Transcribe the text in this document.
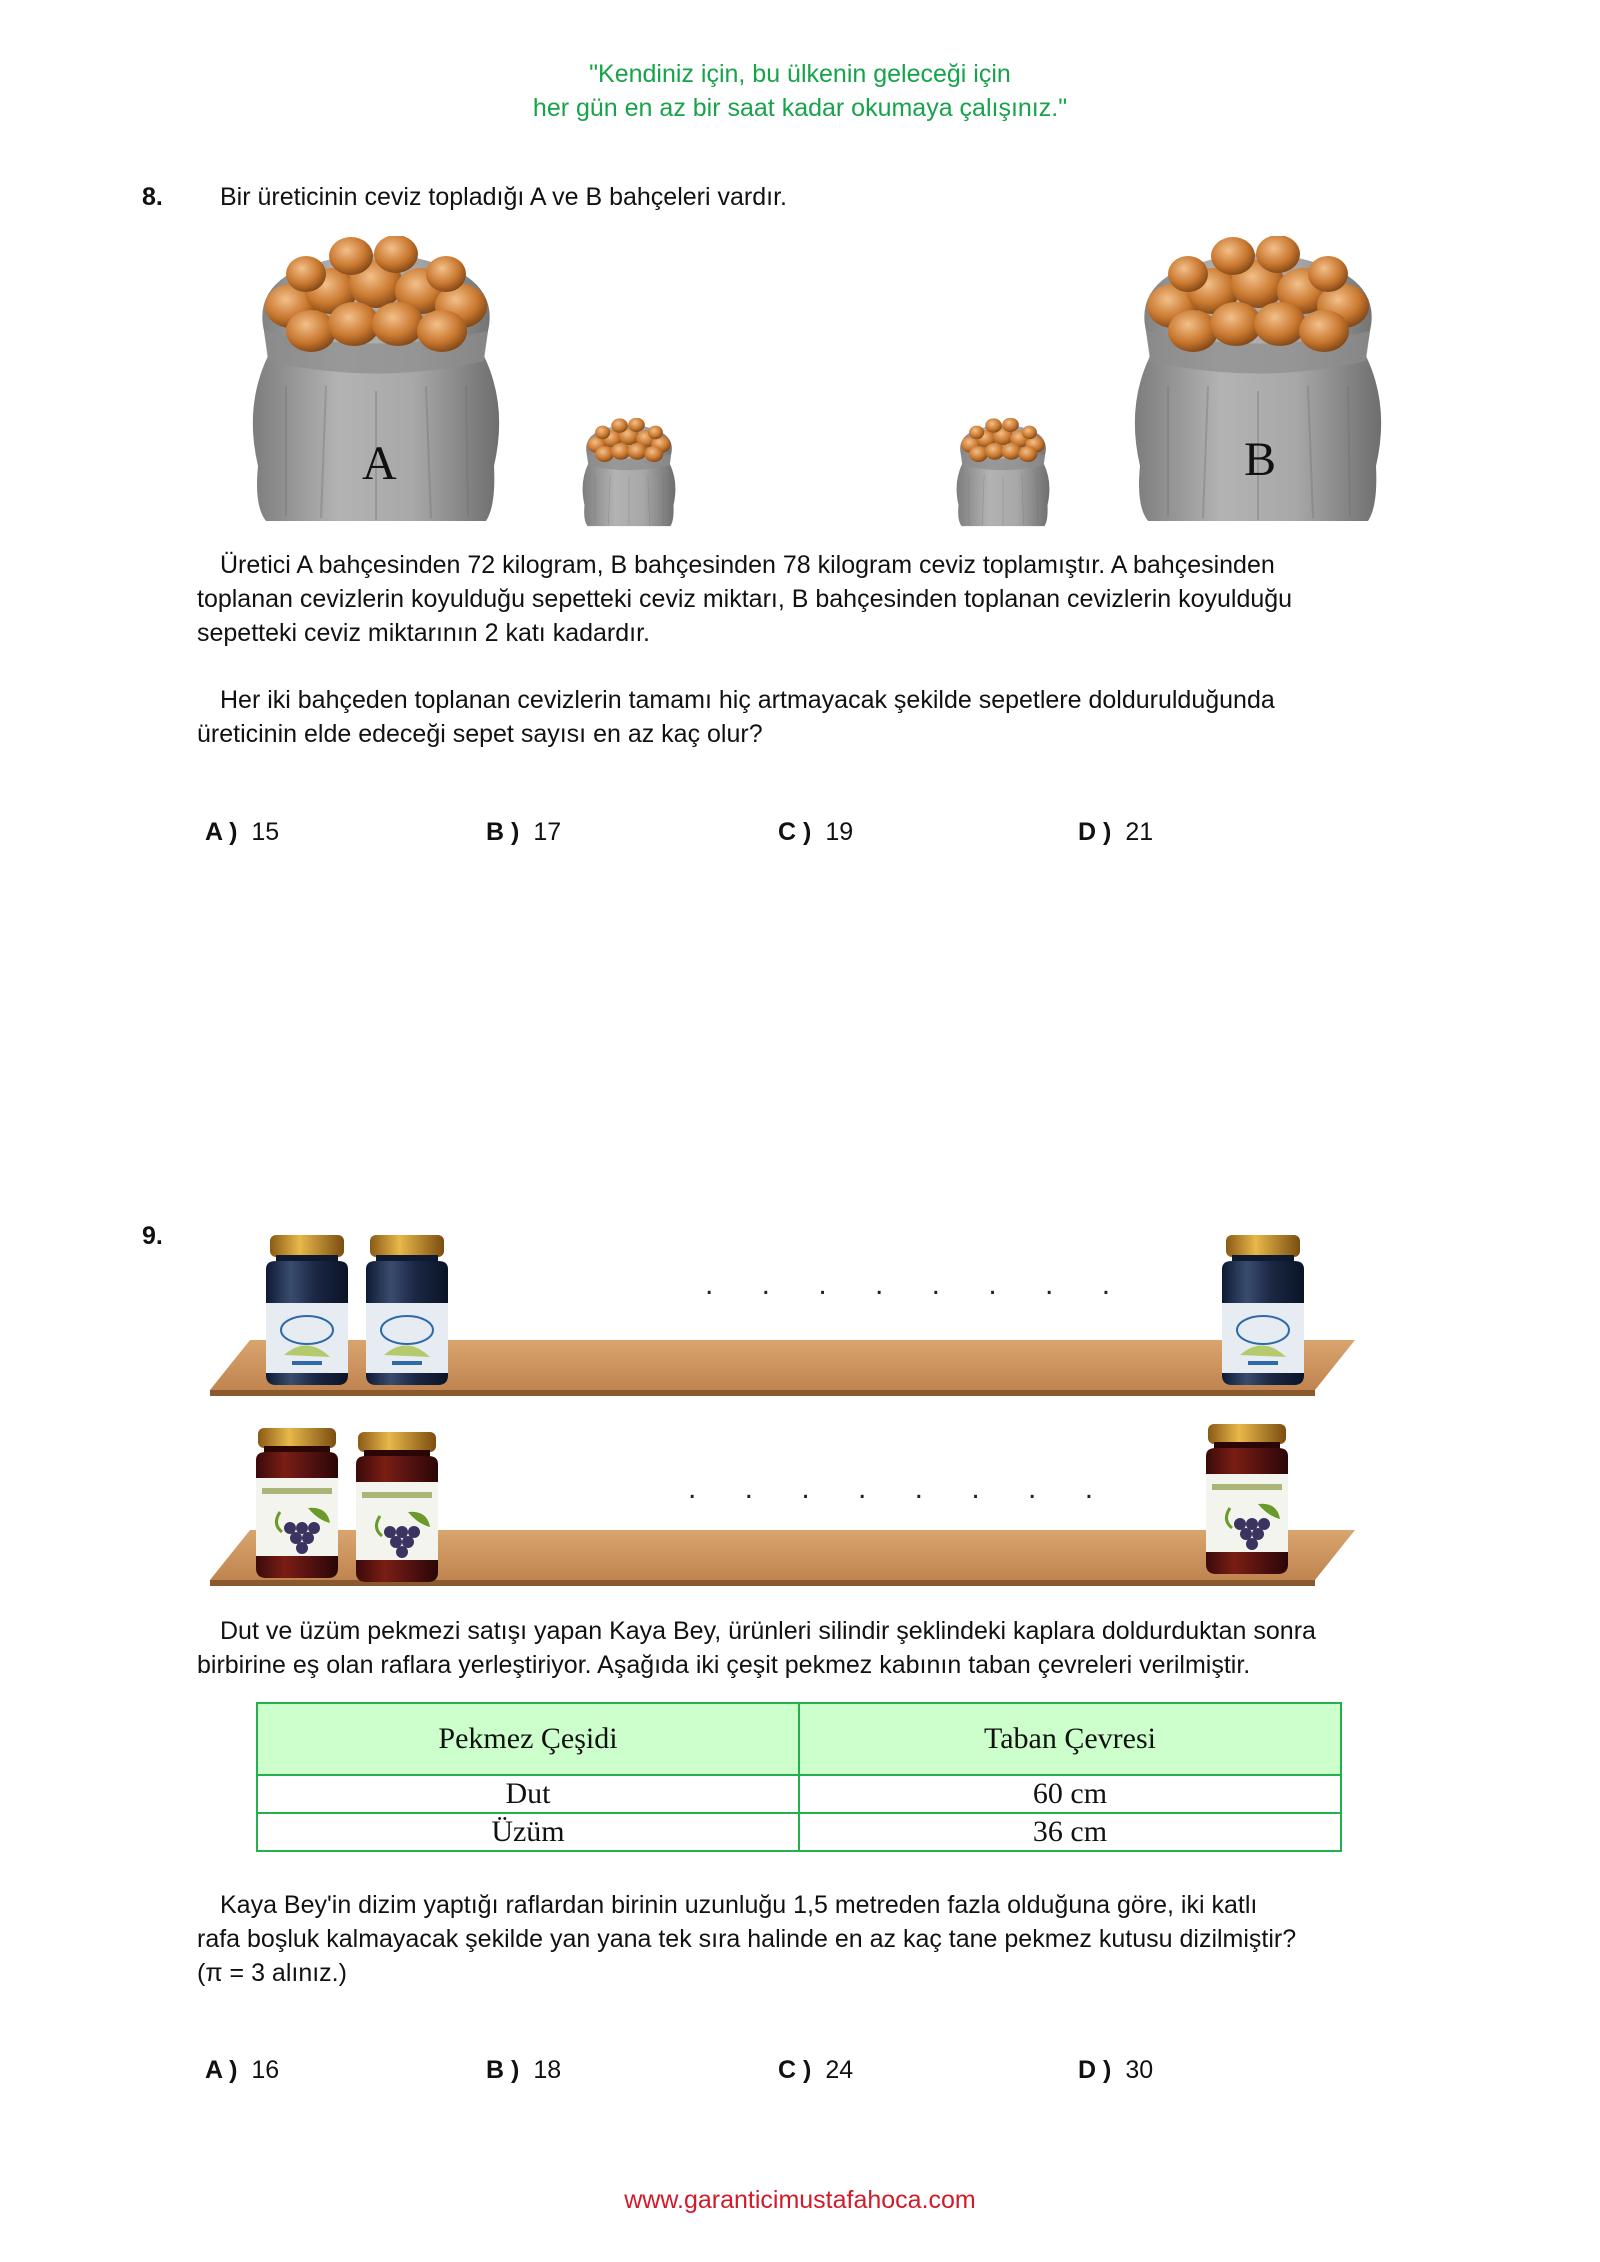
"Kendiniz için, bu ülkenin geleceği için
her gün en az bir saat kadar okumaya çalışınız."
8. Bir üreticinin ceviz topladığı A ve B bahçeleri vardır.
A	B
Üretici A bahçesinden 72 kilogram, B bahçesinden 78 kilogram ceviz toplamıştır. A bahçesinden
toplanan cevizlerin koyulduğu sepetteki ceviz miktarı, B bahçesinden toplanan cevizlerin koyulduğu
sepetteki ceviz miktarının 2 katı kadardır.
Her iki bahçeden toplanan cevizlerin tamamı hiç artmayacak şekilde sepetlere doldurulduğunda
üreticinin elde edeceği sepet sayısı en az kaç olur?
A ) 15	B ) 17	C ) 19	D ) 21
9.
. . . . . . . .
. . . . . . . .
Dut ve üzüm pekmezi satışı yapan Kaya Bey, ürünleri silindir şeklindeki kaplara doldurduktan sonra
birbirine eş olan raflara yerleştiriyor. Aşağıda iki çeşit pekmez kabının taban çevreleri verilmiştir.
Pekmez Çeşidi	Taban Çevresi
Dut	60 cm
Üzüm	36 cm
Kaya Bey'in dizim yaptığı raflardan birinin uzunluğu 1,5 metreden fazla olduğuna göre, iki katlı
rafa boşluk kalmayacak şekilde yan yana tek sıra halinde en az kaç tane pekmez kutusu dizilmiştir?
(π = 3 alınız.)
A ) 16	B ) 18	C ) 24	D ) 30
www.garanticimustafahoca.com
